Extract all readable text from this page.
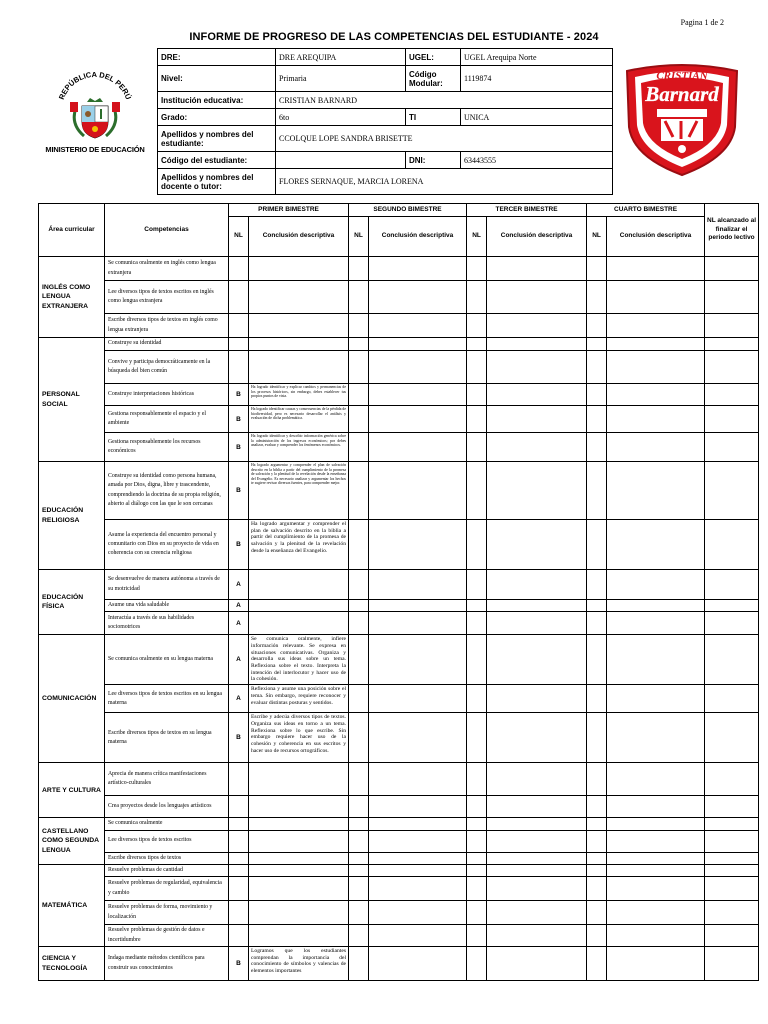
Pagina 1 de 2
INFORME DE PROGRESO DE LAS COMPETENCIAS DEL ESTUDIANTE - 2024
REPÚBLICA DEL PERÚ
MINISTERIO DE EDUCACIÓN
CRISTIAN
Barnard
DRE:	DRE AREQUIPA	UGEL:	UGEL Arequipa Norte
Nivel:	Primaria	Código Modular:	1119874
Institución educativa:	CRISTIAN BARNARD		
Grado:	6to	TI	UNICA
Apellidos y nombres del estudiante:	CCOLQUE LOPE SANDRA BRISETTE		
Código del estudiante:		DNI:	63443555
Apellidos y nombres del docente o tutor:	FLORES SERNAQUE, MARCIA LORENA		
Área curricular	Competencias	PRIMER BIMESTRE		SEGUNDO BIMESTRE		TERCER BIMESTRE		CUARTO BIMESTRE		NL alcanzado al finalizar el periodo lectivo
		NL	Conclusión descriptiva	NL	Conclusión descriptiva	NL	Conclusión descriptiva	NL	Conclusión descriptiva	
INGLÉS COMO LENGUA EXTRANJERA	Se comunica oralmente en inglés como lengua extranjera									
	Lee diversos tipos de textos escritos en inglés como lengua extranjera									
	Escribe diversos tipos de textos en inglés como lengua extranjera									
PERSONAL SOCIAL	Construye su identidad									
	Convive y participa democráticamente en la búsqueda del bien común									
	Construye interpretaciones históricas	B	Ha logrado identificar y explicar cambios y permanencias de los procesos históricos, sin embargo, debes establecer tus propios puntos de vista.							
	Gestiona responsablemente el espacio y el ambiente	B	Ha logrado identificar causas y consecuencias de la pérdida de biodiversidad, pero es necesario desarrollar el análisis y evaluación de dicha problemática.							
	Gestiona responsablemente los recursos económicos	B	Ha logrado identificar y describir información genérica sobre la administración de los ingresos económicos; por debes analizar, evaluar y comprender los fenómenos económicos.							
EDUCACIÓN RELIGIOSA	Construye su identidad como persona humana, amada por Dios, digna, libre y trascendente, comprendiendo la doctrina de su propia religión, abierto al diálogo con las que le son cercanas	B	Ha logrado argumentar y comprender el plan de salvación descrito en la biblia a partir del cumplimiento de la promesa de salvación y la plenitud de la revelación desde la enseñanza del Evangelio. Es necesario analizar y argumentar los hechos te sugiere revisar diversas fuentes, para comprender mejor.							
	Asume la experiencia del encuentro personal y comunitario con Dios en su proyecto de vida en coherencia con su creencia religiosa	B	Ha logrado argumentar y comprender el plan de salvación descrito en la biblia a partir del cumplimiento de la promesa de salvación y la plenitud de la revelación desde la enseñanza del Evangelio.							
EDUCACIÓN FÍSICA	Se desenvuelve de manera autónoma a través de su motricidad	A								
	Asume una vida saludable	A								
	Interactúa a través de sus habilidades sociomotrices	A								
COMUNICACIÓN	Se comunica oralmente en su lengua materna	A	Se comunica oralmente, infiere información relevante. Se expresa en situaciones comunicativas. Organiza y desarrolla sus ideas sobre un tema. Reflexiona sobre el texto. Interpreta la intención del interlocutor y hacer uso de la cohesión.							
	Lee diversos tipos de textos escritos en su lengua materna	A	Reflexiona y asume una posición sobre el tema. Sin embargo, requiere reconocer y evaluar distintas posturas y sentidos.							
	Escribe diversos tipos de textos en su lengua materna	B	Escribe y adecúa diversos tipos de textos. Organiza sus ideas en torno a un tema. Reflexiona sobre lo que escribe. Sin embargo requiere hacer uso de la cohesión y coherencia en sus escritos y hacer uso de recursos ortográficos.							
ARTE Y CULTURA	Aprecia de manera crítica manifestaciones artístico-culturales									
	Crea proyectos desde los lenguajes artísticos									
CASTELLANO COMO SEGUNDA LENGUA	Se comunica oralmente									
	Lee diversos tipos de textos escritos									
	Escribe diversos tipos de textos									
MATEMÁTICA	Resuelve problemas de cantidad									
	Resuelve problemas de regularidad, equivalencia y cambio									
	Resuelve problemas de forma, movimiento y localización									
	Resuelve problemas de gestión de datos e incertidumbre									
CIENCIA Y TECNOLOGÍA	Indaga mediante métodos científicos para construir sus conocimientos	B	Logramos que los estudiantes comprendan la importancia del conocimiento de símbolos y valencias de elementos importantes							
